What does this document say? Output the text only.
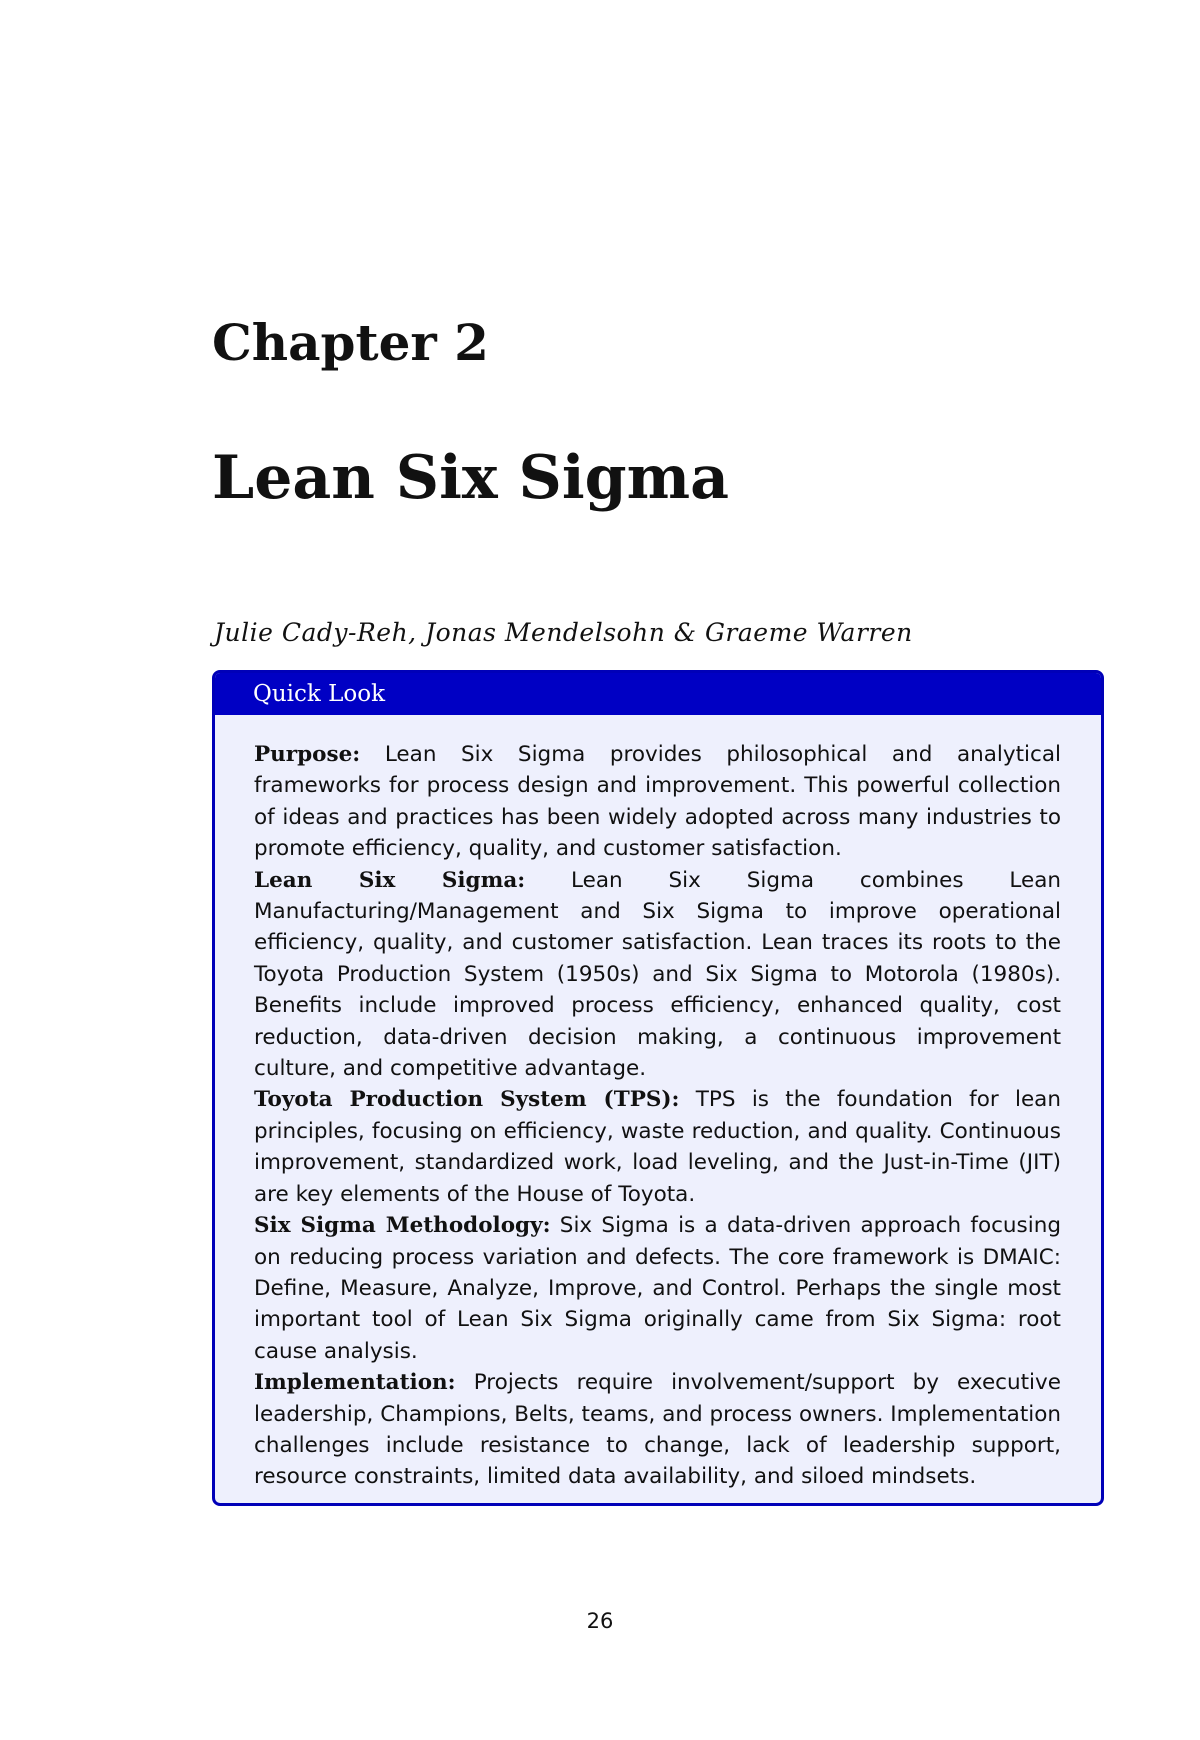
Chapter 2
Lean Six Sigma

Julie Cady-Reh, Jonas Mendelsohn & Graeme Warren

Quick Look

Purpose: Lean Six Sigma provides philosophical and analytical frameworks for process design and improvement. This powerful collection of ideas and practices has been widely adopted across many industries to promote efficiency, quality, and customer satisfaction.

Lean Six Sigma: Lean Six Sigma combines Lean Manufacturing/Management and Six Sigma to improve operational efficiency, quality, and customer satisfaction. Lean traces its roots to the Toyota Production System (1950s) and Six Sigma to Motorola (1980s). Benefits include improved process efficiency, enhanced quality, cost reduction, data-driven decision making, a continuous improvement culture, and competitive advantage.

Toyota Production System (TPS): TPS is the foundation for lean principles, focusing on efficiency, waste reduction, and quality. Continuous improvement, standardized work, load leveling, and the Just-in-Time (JIT) are key elements of the House of Toyota.

Six Sigma Methodology: Six Sigma is a data-driven approach focusing on reducing process variation and defects. The core framework is DMAIC: Define, Measure, Analyze, Improve, and Control. Perhaps the single most important tool of Lean Six Sigma originally came from Six Sigma: root cause analysis.

Implementation: Projects require involvement/support by executive leadership, Champions, Belts, teams, and process owners. Implementation challenges include resistance to change, lack of leadership support, resource constraints, limited data availability, and siloed mindsets.

26
